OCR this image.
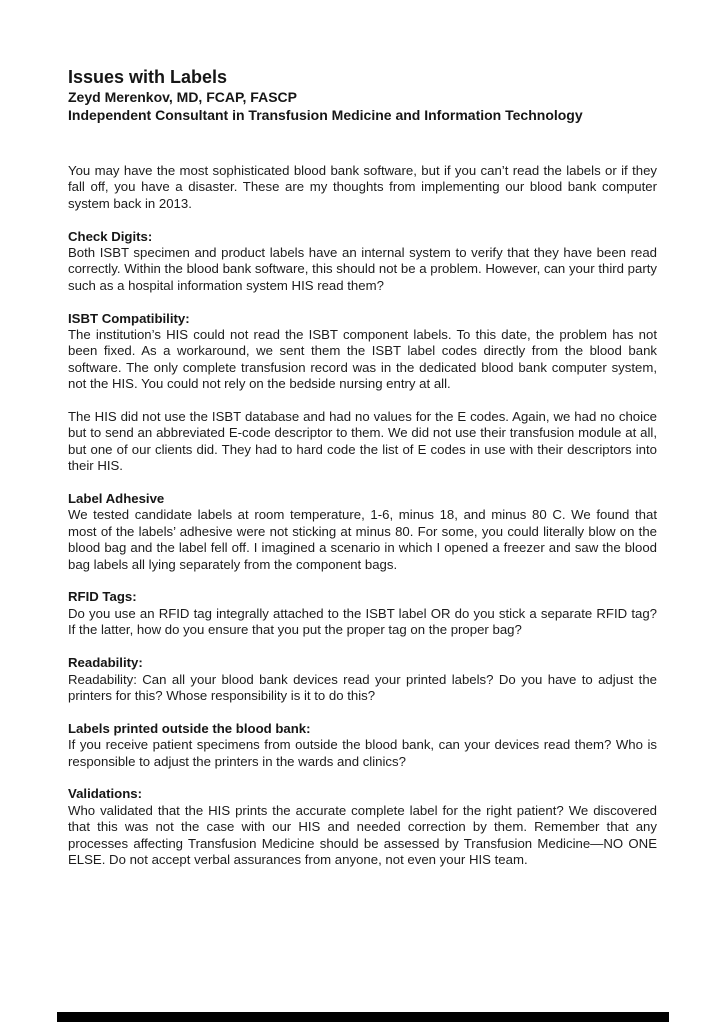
Issues with Labels

Zeyd Merenkov, MD, FCAP, FASCP

Independent Consultant in Transfusion Medicine and Information Technology

You may have the most sophisticated blood bank software, but if you can’t read the labels or if they fall off, you have a disaster. These are my thoughts from implementing our blood bank computer system back in 2013.

Check Digits:

Both ISBT specimen and product labels have an internal system to verify that they have been read correctly. Within the blood bank software, this should not be a problem. However, can your third party such as a hospital information system HIS read them?

ISBT Compatibility:

The institution’s HIS could not read the ISBT component labels. To this date, the problem has not been fixed. As a workaround, we sent them the ISBT label codes directly from the blood bank software. The only complete transfusion record was in the dedicated blood bank computer system, not the HIS. You could not rely on the bedside nursing entry at all.

The HIS did not use the ISBT database and had no values for the E codes. Again, we had no choice but to send an abbreviated E-code descriptor to them. We did not use their transfusion module at all, but one of our clients did. They had to hard code the list of E codes in use with their descriptors into their HIS.

Label Adhesive

We tested candidate labels at room temperature, 1-6, minus 18, and minus 80 C. We found that most of the labels’ adhesive were not sticking at minus 80. For some, you could literally blow on the blood bag and the label fell off. I imagined a scenario in which I opened a freezer and saw the blood bag labels all lying separately from the component bags.

RFID Tags:

Do you use an RFID tag integrally attached to the ISBT label OR do you stick a separate RFID tag? If the latter, how do you ensure that you put the proper tag on the proper bag?

Readability:

Readability: Can all your blood bank devices read your printed labels? Do you have to adjust the printers for this? Whose responsibility is it to do this?

Labels printed outside the blood bank:

If you receive patient specimens from outside the blood bank, can your devices read them? Who is responsible to adjust the printers in the wards and clinics?

Validations:

Who validated that the HIS prints the accurate complete label for the right patient? We discovered that this was not the case with our HIS and needed correction by them. Remember that any processes affecting Transfusion Medicine should be assessed by Transfusion Medicine—NO ONE ELSE. Do not accept verbal assurances from anyone, not even your HIS team.
